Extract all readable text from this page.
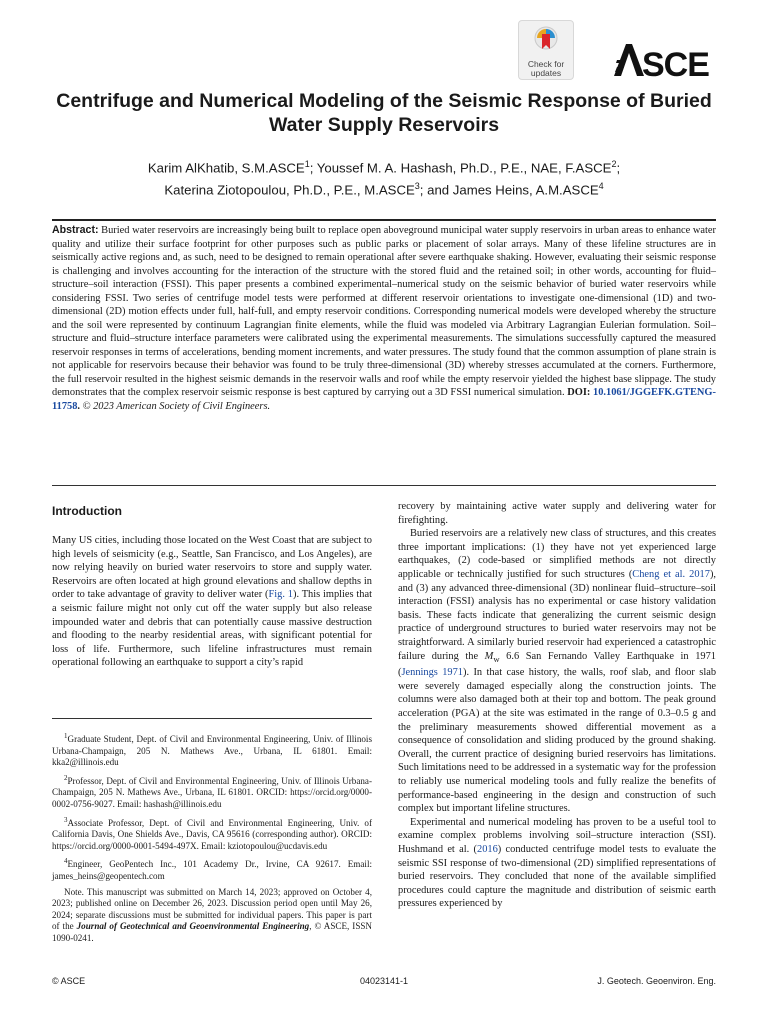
Check for updates	SCE
Centrifuge and Numerical Modeling of the Seismic Response of Buried Water Supply Reservoirs
Karim AlKhatib, S.M.ASCE$^1$; Youssef M. A. Hashash, Ph.D., P.E., NAE, F.ASCE$^2$;
Katerina Ziotopoulou, Ph.D., P.E., M.ASCE$^3$; and James Heins, A.M.ASCE$^4$

Abstract: Buried water reservoirs are increasingly being built to replace open aboveground municipal water supply reservoirs in urban areas to enhance water quality and utilize their surface footprint for other purposes such as public parks or placement of solar arrays. Many of these lifeline structures are in seismically active regions and, as such, need to be designed to remain operational after severe earthquake shaking. However, evaluating their seismic response is challenging and involves accounting for the interaction of the structure with the stored fluid and the retained soil; in other words, accounting for fluid–structure–soil interaction (FSSI). This paper presents a combined experimental–numerical study on the seismic behavior of buried water reservoirs while considering FSSI. Two series of centrifuge model tests were performed at different reservoir orientations to investigate one-dimensional (1D) and two-dimensional (2D) motion effects under full, half-full, and empty reservoir conditions. Corresponding numerical models were developed whereby the structure and the soil were represented by continuum Lagrangian finite elements, while the fluid was modeled via Arbitrary Lagrangian Eulerian formulation. Soil–structure and fluid–structure interface parameters were calibrated using the experimental measurements. The simulations successfully captured the measured reservoir responses in terms of accelerations, bending moment increments, and water pressures. The study found that the common assumption of plane strain is not applicable for reservoirs because their behavior was found to be truly three-dimensional (3D) whereby stresses accumulated at the corners. Furthermore, the full reservoir resulted in the highest seismic demands in the reservoir walls and roof while the empty reservoir yielded the highest base slippage. The study demonstrates that the complex reservoir seismic response is best captured by carrying out a 3D FSSI numerical simulation. DOI: 10.1061/JGGEFK.GTENG-11758. © 2023 American Society of Civil Engineers.

Introduction

Many US cities, including those located on the West Coast that are subject to high levels of seismicity (e.g., Seattle, San Francisco, and Los Angeles), are now relying heavily on buried water reservoirs to store and supply water. Reservoirs are often located at high ground elevations and shallow depths in order to take advantage of gravity to deliver water (Fig. 1). This implies that a seismic failure might not only cut off the water supply but also release impounded water and debris that can potentially cause massive destruction and flooding to the nearby residential areas, with significant potential for loss of life. Furthermore, such lifeline infrastructures must remain operational following an earthquake to support a city’s rapid

$^1$Graduate Student, Dept. of Civil and Environmental Engineering, Univ. of Illinois Urbana-Champaign, 205 N. Mathews Ave., Urbana, IL 61801. Email: kka2@illinois.edu

$^2$Professor, Dept. of Civil and Environmental Engineering, Univ. of Illinois Urbana-Champaign, 205 N. Mathews Ave., Urbana, IL 61801. ORCID: https://orcid.org/0000-0002-0756-9027. Email: hashash@illinois.edu

$^3$Associate Professor, Dept. of Civil and Environmental Engineering, Univ. of California Davis, One Shields Ave., Davis, CA 95616 (corresponding author). ORCID: https://orcid.org/0000-0001-5494-497X. Email: kziotopoulou@ucdavis.edu

$^4$Engineer, GeoPentech Inc., 101 Academy Dr., Irvine, CA 92617. Email: james_heins@geopentech.com

Note. This manuscript was submitted on March 14, 2023; approved on October 4, 2023; published online on December 26, 2023. Discussion period open until May 26, 2024; separate discussions must be submitted for individual papers. This paper is part of the Journal of Geotechnical and Geoenvironmental Engineering, © ASCE, ISSN 1090-0241.

recovery by maintaining active water supply and delivering water for firefighting.

Buried reservoirs are a relatively new class of structures, and this creates three important implications: (1) they have not yet experienced large earthquakes, (2) code-based or simplified methods are not directly applicable or technically justified for such structures (Cheng et al. 2017), and (3) any advanced three-dimensional (3D) nonlinear fluid–structure–soil interaction (FSSI) analysis has no experimental or case history validation basis. These facts indicate that generalizing the current seismic design practice of underground structures to buried water reservoirs may not be straightforward. A similarly buried reservoir had experienced a catastrophic failure during the $M_w$ 6.6 San Fernando Valley Earthquake in 1971 (Jennings 1971). In that case history, the walls, roof slab, and floor slab were severely damaged especially along the construction joints. The columns were also damaged both at their top and bottom. The peak ground acceleration (PGA) at the site was estimated in the range of 0.3–0.5 g and the preliminary measurements showed differential movement as a consequence of consolidation and sliding produced by the ground shaking. Overall, the current practice of designing buried reservoirs has limitations. Such limitations need to be addressed in a systematic way for the profession to reliably use numerical modeling tools and fully realize the benefits of performance-based engineering in the design and construction of such complex but important lifeline structures.

Experimental and numerical modeling has proven to be a useful tool to examine complex problems involving soil–structure interaction (SSI). Hushmand et al. (2016) conducted centrifuge model tests to evaluate the seismic SSI response of two-dimensional (2D) simplified representations of buried reservoirs. They concluded that none of the available simplified procedures could capture the magnitude and distribution of seismic earth pressures experienced by

© ASCE	04023141-1	J. Geotech. Geoenviron. Eng.
